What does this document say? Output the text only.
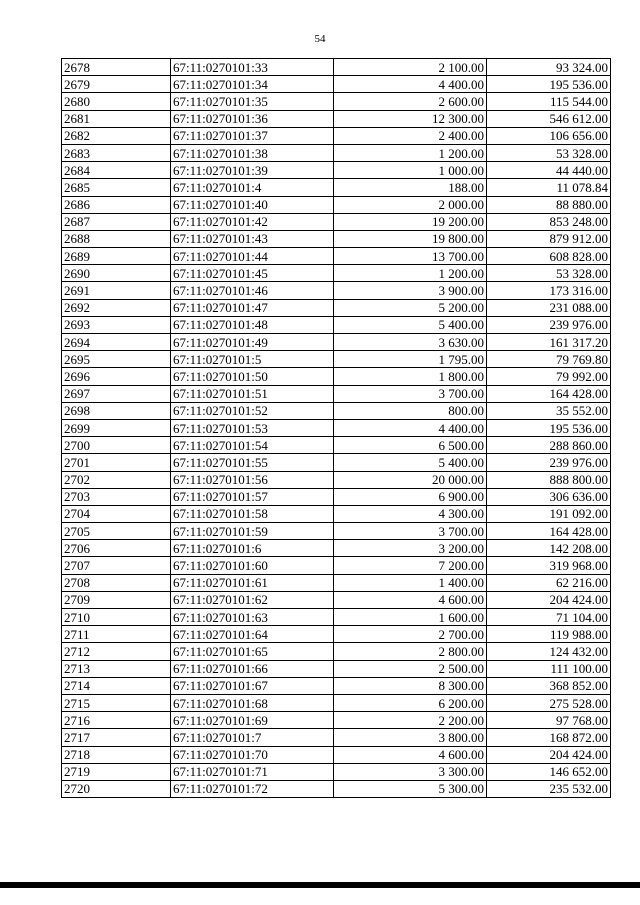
54
2678	67:11:0270101:33	2 100.00	93 324.00
2679	67:11:0270101:34	4 400.00	195 536.00
2680	67:11:0270101:35	2 600.00	115 544.00
2681	67:11:0270101:36	12 300.00	546 612.00
2682	67:11:0270101:37	2 400.00	106 656.00
2683	67:11:0270101:38	1 200.00	53 328.00
2684	67:11:0270101:39	1 000.00	44 440.00
2685	67:11:0270101:4	188.00	11 078.84
2686	67:11:0270101:40	2 000.00	88 880.00
2687	67:11:0270101:42	19 200.00	853 248.00
2688	67:11:0270101:43	19 800.00	879 912.00
2689	67:11:0270101:44	13 700.00	608 828.00
2690	67:11:0270101:45	1 200.00	53 328.00
2691	67:11:0270101:46	3 900.00	173 316.00
2692	67:11:0270101:47	5 200.00	231 088.00
2693	67:11:0270101:48	5 400.00	239 976.00
2694	67:11:0270101:49	3 630.00	161 317.20
2695	67:11:0270101:5	1 795.00	79 769.80
2696	67:11:0270101:50	1 800.00	79 992.00
2697	67:11:0270101:51	3 700.00	164 428.00
2698	67:11:0270101:52	800.00	35 552.00
2699	67:11:0270101:53	4 400.00	195 536.00
2700	67:11:0270101:54	6 500.00	288 860.00
2701	67:11:0270101:55	5 400.00	239 976.00
2702	67:11:0270101:56	20 000.00	888 800.00
2703	67:11:0270101:57	6 900.00	306 636.00
2704	67:11:0270101:58	4 300.00	191 092.00
2705	67:11:0270101:59	3 700.00	164 428.00
2706	67:11:0270101:6	3 200.00	142 208.00
2707	67:11:0270101:60	7 200.00	319 968.00
2708	67:11:0270101:61	1 400.00	62 216.00
2709	67:11:0270101:62	4 600.00	204 424.00
2710	67:11:0270101:63	1 600.00	71 104.00
2711	67:11:0270101:64	2 700.00	119 988.00
2712	67:11:0270101:65	2 800.00	124 432.00
2713	67:11:0270101:66	2 500.00	111 100.00
2714	67:11:0270101:67	8 300.00	368 852.00
2715	67:11:0270101:68	6 200.00	275 528.00
2716	67:11:0270101:69	2 200.00	97 768.00
2717	67:11:0270101:7	3 800.00	168 872.00
2718	67:11:0270101:70	4 600.00	204 424.00
2719	67:11:0270101:71	3 300.00	146 652.00
2720	67:11:0270101:72	5 300.00	235 532.00
